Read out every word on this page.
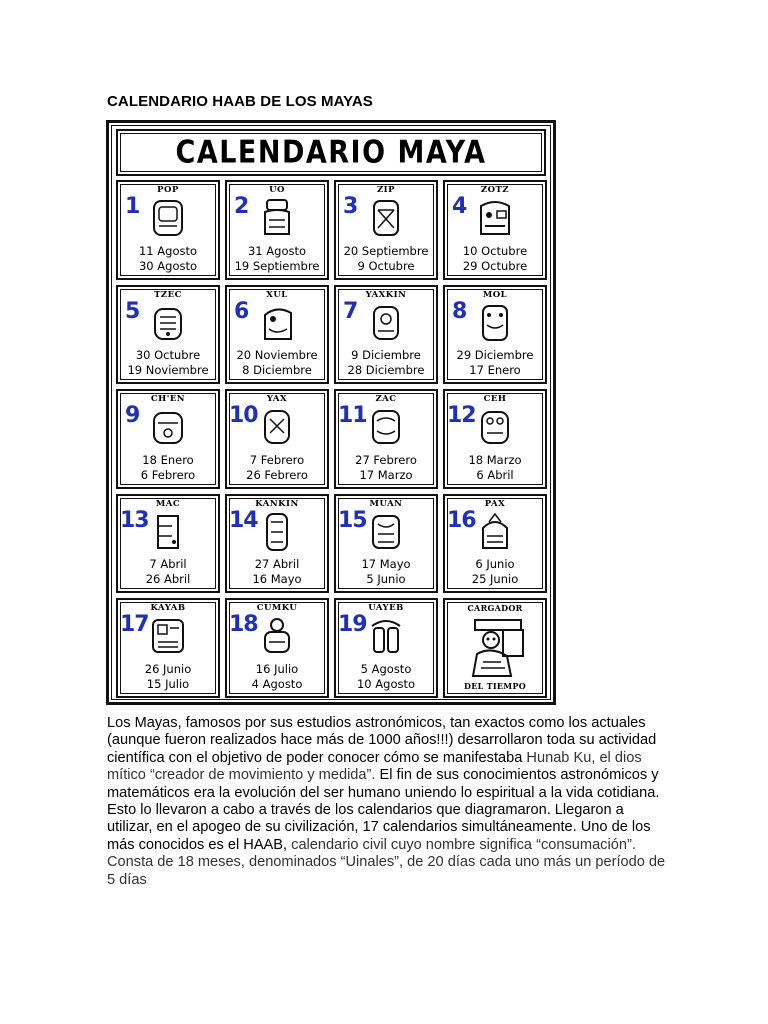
CALENDARIO HAAB DE LOS MAYAS
CALENDARIO MAYA
POP
1
11 Agosto
30 Agosto
UO
2
31 Agosto
19 Septiembre
ZIP
3
20 Septiembre
9 Octubre
ZOTZ
4
10 Octubre
29 Octubre
TZEC
5
30 Octubre
19 Noviembre
XUL
6
20 Noviembre
8 Diciembre
YAXKIN
7
9 Diciembre
28 Diciembre
MOL
8
29 Diciembre
17 Enero
CH'EN
9
18 Enero
6 Febrero
YAX
10
7 Febrero
26 Febrero
ZAC
11
27 Febrero
17 Marzo
CEH
12
18 Marzo
6 Abril
MAC
13
7 Abril
26 Abril
KANKIN
14
27 Abril
16 Mayo
MUAN
15
17 Mayo
5 Junio
PAX
16
6 Junio
25 Junio
KAYAB
17
26 Junio
15 Julio
CUMKU
18
16 Julio
4 Agosto
UAYEB
19
5 Agosto
10 Agosto
CARGADOR
DEL TIEMPO

Los Mayas, famosos por sus estudios astronómicos, tan exactos como los actuales (aunque fueron realizados hace más de 1000 años!!!) desarrollaron toda su actividad científica con el objetivo de poder conocer cómo se manifestaba Hunab Ku, el dios mítico “creador de movimiento y medida”. El fin de sus conocimientos astronómicos y matemáticos era la evolución del ser humano uniendo lo espiritual a la vida cotidiana. Esto lo llevaron a cabo a través de los calendarios que diagramaron. Llegaron a utilizar, en el apogeo de su civilización, 17 calendarios simultáneamente. Uno de los más conocidos es el HAAB, calendario civil cuyo nombre significa “consumación”. Consta de 18 meses, denominados “Uinales”, de 20 días cada uno más un período de 5 días
